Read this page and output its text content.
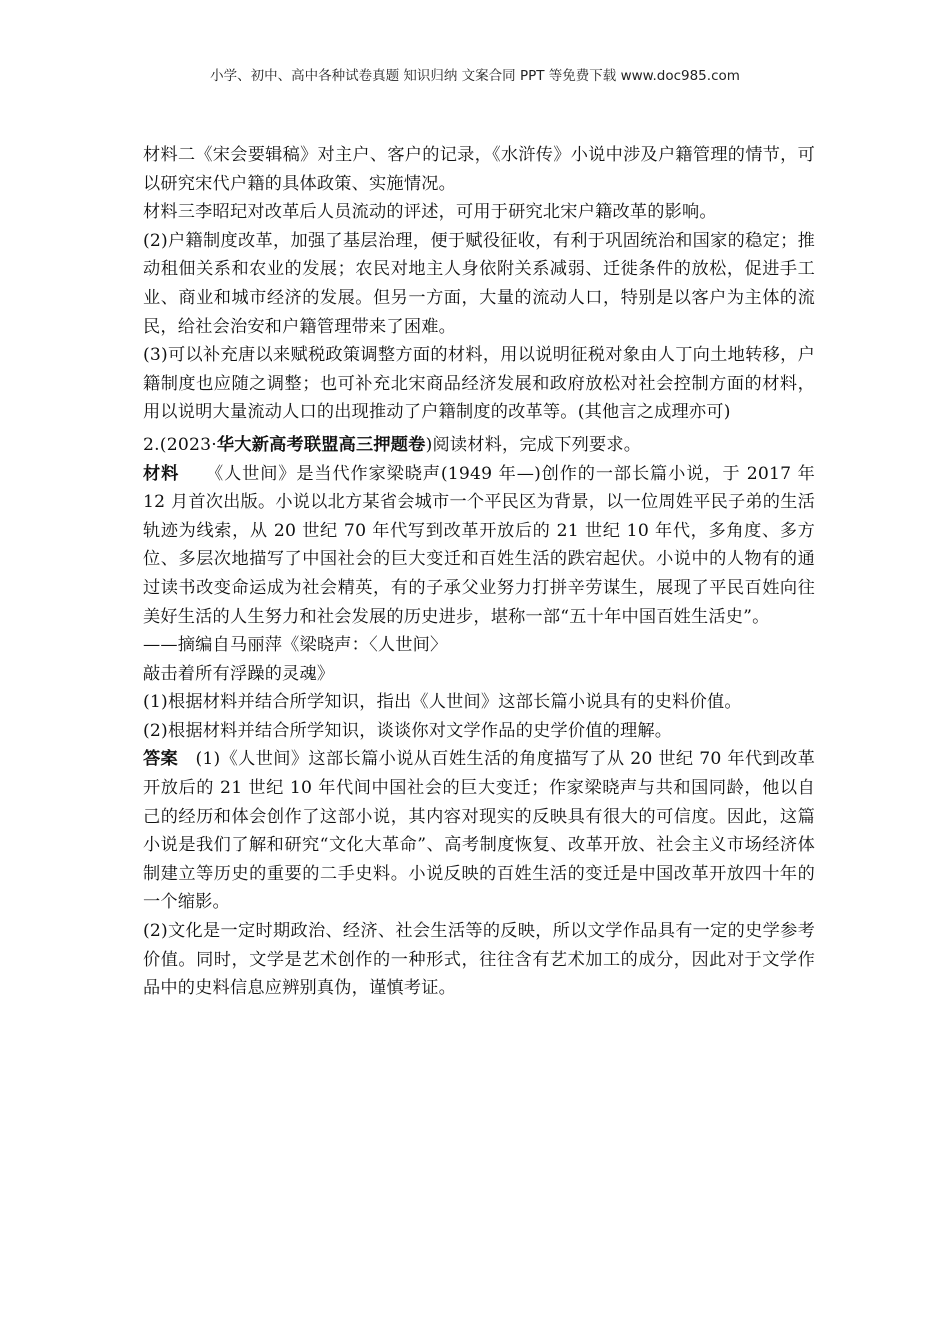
小学、初中、高中各种试卷真题 知识归纳 文案合同 PPT 等免费下载 www.doc985.com

材料二《宋会要辑稿》对主户、客户的记录，《水浒传》小说中涉及户籍管理的情节，可以研究宋代户籍的具体政策、实施情况。

材料三李昭玘对改革后人员流动的评述，可用于研究北宋户籍改革的影响。

(2)户籍制度改革，加强了基层治理，便于赋役征收，有利于巩固统治和国家的稳定；推动租佃关系和农业的发展；农民对地主人身依附关系减弱、迁徙条件的放松，促进手工业、商业和城市经济的发展。但另一方面，大量的流动人口，特别是以客户为主体的流民，给社会治安和户籍管理带来了困难。

(3)可以补充唐以来赋税政策调整方面的材料，用以说明征税对象由人丁向土地转移，户籍制度也应随之调整；也可补充北宋商品经济发展和政府放松对社会控制方面的材料，用以说明大量流动人口的出现推动了户籍制度的改革等。(其他言之成理亦可)

2.(2023·华大新高考联盟高三押题卷)阅读材料，完成下列要求。

材料   《人世间》是当代作家梁晓声(1949 年—)创作的一部长篇小说，于 2017 年 12 月首次出版。小说以北方某省会城市一个平民区为背景，以一位周姓平民子弟的生活轨迹为线索，从 20 世纪 70 年代写到改革开放后的 21 世纪 10 年代，多角度、多方位、多层次地描写了中国社会的巨大变迁和百姓生活的跌宕起伏。小说中的人物有的通过读书改变命运成为社会精英，有的子承父业努力打拼辛劳谋生，展现了平民百姓向往美好生活的人生努力和社会发展的历史进步，堪称一部“五十年中国百姓生活史”。

——摘编自马丽萍《梁晓声：〈人世间〉

敲击着所有浮躁的灵魂》

(1)根据材料并结合所学知识，指出《人世间》这部长篇小说具有的史料价值。

(2)根据材料并结合所学知识，谈谈你对文学作品的史学价值的理解。

答案  (1)《人世间》这部长篇小说从百姓生活的角度描写了从 20 世纪 70 年代到改革开放后的 21 世纪 10 年代间中国社会的巨大变迁；作家梁晓声与共和国同龄，他以自己的经历和体会创作了这部小说，其内容对现实的反映具有很大的可信度。因此，这篇小说是我们了解和研究“文化大革命”、高考制度恢复、改革开放、社会主义市场经济体制建立等历史的重要的二手史料。小说反映的百姓生活的变迁是中国改革开放四十年的一个缩影。

(2)文化是一定时期政治、经济、社会生活等的反映，所以文学作品具有一定的史学参考价值。同时，文学是艺术创作的一种形式，往往含有艺术加工的成分，因此对于文学作品中的史料信息应辨别真伪，谨慎考证。
